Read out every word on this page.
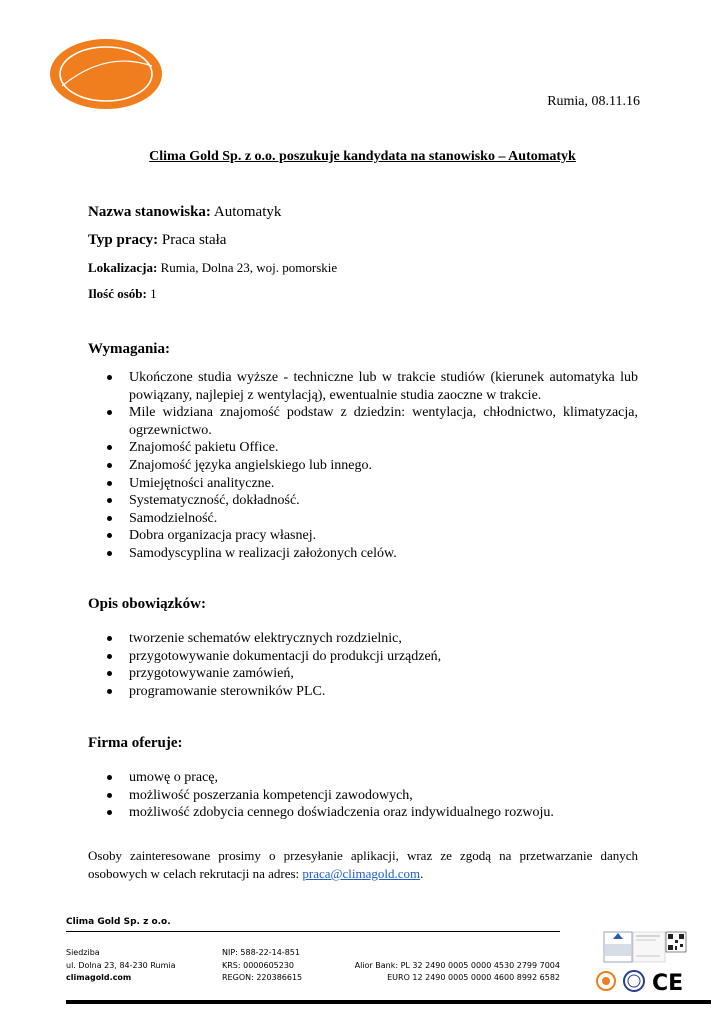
Rumia, 08.11.16
Clima Gold Sp. z o.o. poszukuje kandydata na stanowisko – Automatyk
Nazwa stanowiska: Automatyk
Typ pracy: Praca stała
Lokalizacja: Rumia, Dolna 23, woj. pomorskie
Ilość osób: 1
Wymagania:
Ukończone studia wyższe - techniczne lub w trakcie studiów (kierunek automatyka lub powiązany, najlepiej z wentylacją), ewentualnie studia zaoczne w trakcie.
Mile widziana znajomość podstaw z dziedzin: wentylacja, chłodnictwo, klimatyzacja, ogrzewnictwo.
Znajomość pakietu Office.
Znajomość języka angielskiego lub innego.
Umiejętności analityczne.
Systematyczność, dokładność.
Samodzielność.
Dobra organizacja pracy własnej.
Samodyscyplina w realizacji założonych celów.
Opis obowiązków:
tworzenie schematów elektrycznych rozdzielnic,
przygotowywanie dokumentacji do produkcji urządzeń,
przygotowywanie zamówień,
programowanie sterowników PLC.
Firma oferuje:
umowę o pracę,
możliwość poszerzania kompetencji zawodowych,
możliwość zdobycia cennego doświadczenia oraz indywidualnego rozwoju.
Osoby zainteresowane prosimy o przesyłanie aplikacji, wraz ze zgodą na przetwarzanie danych osobowych w celach rekrutacji na adres: praca@climagold.com.
Clima Gold Sp. z o.o.
Siedziba
ul. Dolna 23, 84-230 Rumia
climagold.com
NIP: 588-22-14-851
KRS: 0000605230
REGON: 220386615
Alior Bank: PL 32 2490 0005 0000 4530 2799 7004
EURO 12 2490 0005 0000 4600 8992 6582	CE
